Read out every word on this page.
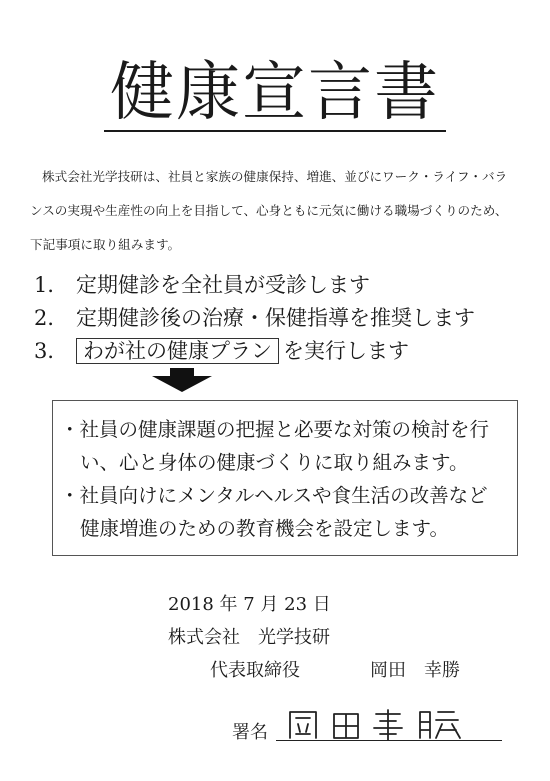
健康宣言書
株式会社光学技研は、社員と家族の健康保持、増進、並びにワーク・ライフ・バラ
ンスの実現や生産性の向上を目指して、心身ともに元気に働ける職場づくりのため、
下記事項に取り組みます。
1． 定期健診を全社員が受診します
2． 定期健診後の治療・保健指導を推奨します
3． わが社の健康プラン を実行します
・社員の健康課題の把握と必要な対策の検討を行
い、心と身体の健康づくりに取り組みます。
・社員向けにメンタルヘルスや食生活の改善など
健康増進のための教育機会を設定します。
2018 年 7 月 23 日
株式会社　光学技研
代表取締役	岡田　幸勝
署名
